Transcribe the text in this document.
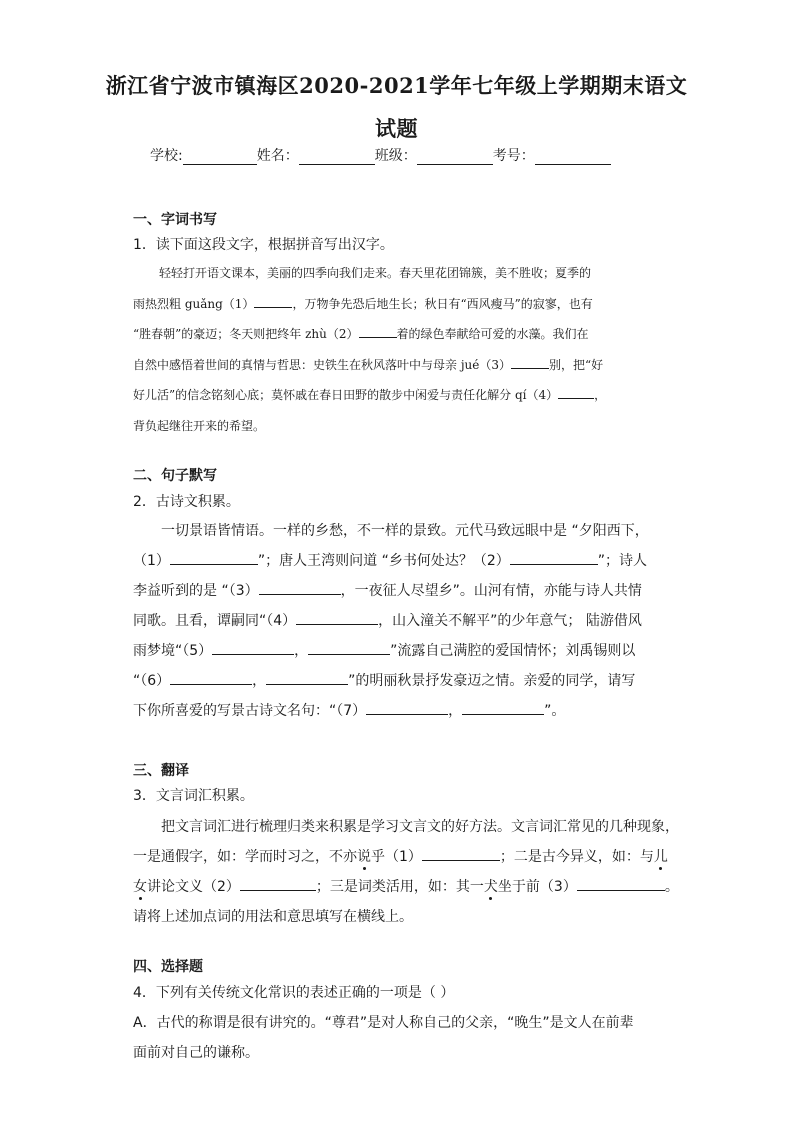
浙江省宁波市镇海区2020-2021学年七年级上学期期末语文
试题
学校:	姓名：	班级：	考号：
一、字词书写
1．读下面这段文字，根据拼音写出汉字。
轻轻打开语文课本，美丽的四季向我们走来。春天里花团锦簇，美不胜收；夏季的
雨热烈粗 guǎng（1）	，万物争先恐后地生长；秋日有“西风瘦马”的寂寥，也有
“胜春朝”的豪迈；冬天则把终年 zhù（2）	着的绿色奉献给可爱的水藻。我们在
自然中感悟着世间的真情与哲思：史铁生在秋风落叶中与母亲 jué（3）	别，把“好
好儿活”的信念铭刻心底；莫怀戚在春日田野的散步中闲爱与责任化解分 qí（4）	，
背负起继往开来的希望。
二、句子默写
2．古诗文积累。
一切景语皆情语。一样的乡愁，不一样的景致。元代马致远眼中是 “夕阳西下，
（1）	”；唐人王湾则问道 “乡书何处达？（2）	”；诗人
李益听到的是 “（3）	，一夜征人尽望乡”。山河有情，亦能与诗人共情
同歌。且看，谭嗣同“（4）	，山入潼关不解平”的少年意气； 陆游借风
雨梦境“（5）	，	”流露自己满腔的爱国情怀；刘禹锡则以
“（6）	，	”的明丽秋景抒发豪迈之情。亲爱的同学，请写
下你所喜爱的写景古诗文名句：“（7）	，	”。
三、翻译
3．文言词汇积累。
把文言词汇进行梳理归类来积累是学习文言文的好方法。文言词汇常见的几种现象，
一是通假字，如：学而时习之，不亦说乎（1）	；二是古今异义，如：与儿
女讲论文义（2）	；三是词类活用，如：其一犬坐于前（3）	。
请将上述加点词的用法和意思填写在横线上。
四、选择题
4．下列有关传统文化常识的表述正确的一项是（ ）
A．古代的称谓是很有讲究的。“尊君”是对人称自己的父亲，“晚生”是文人在前辈
面前对自己的谦称。
